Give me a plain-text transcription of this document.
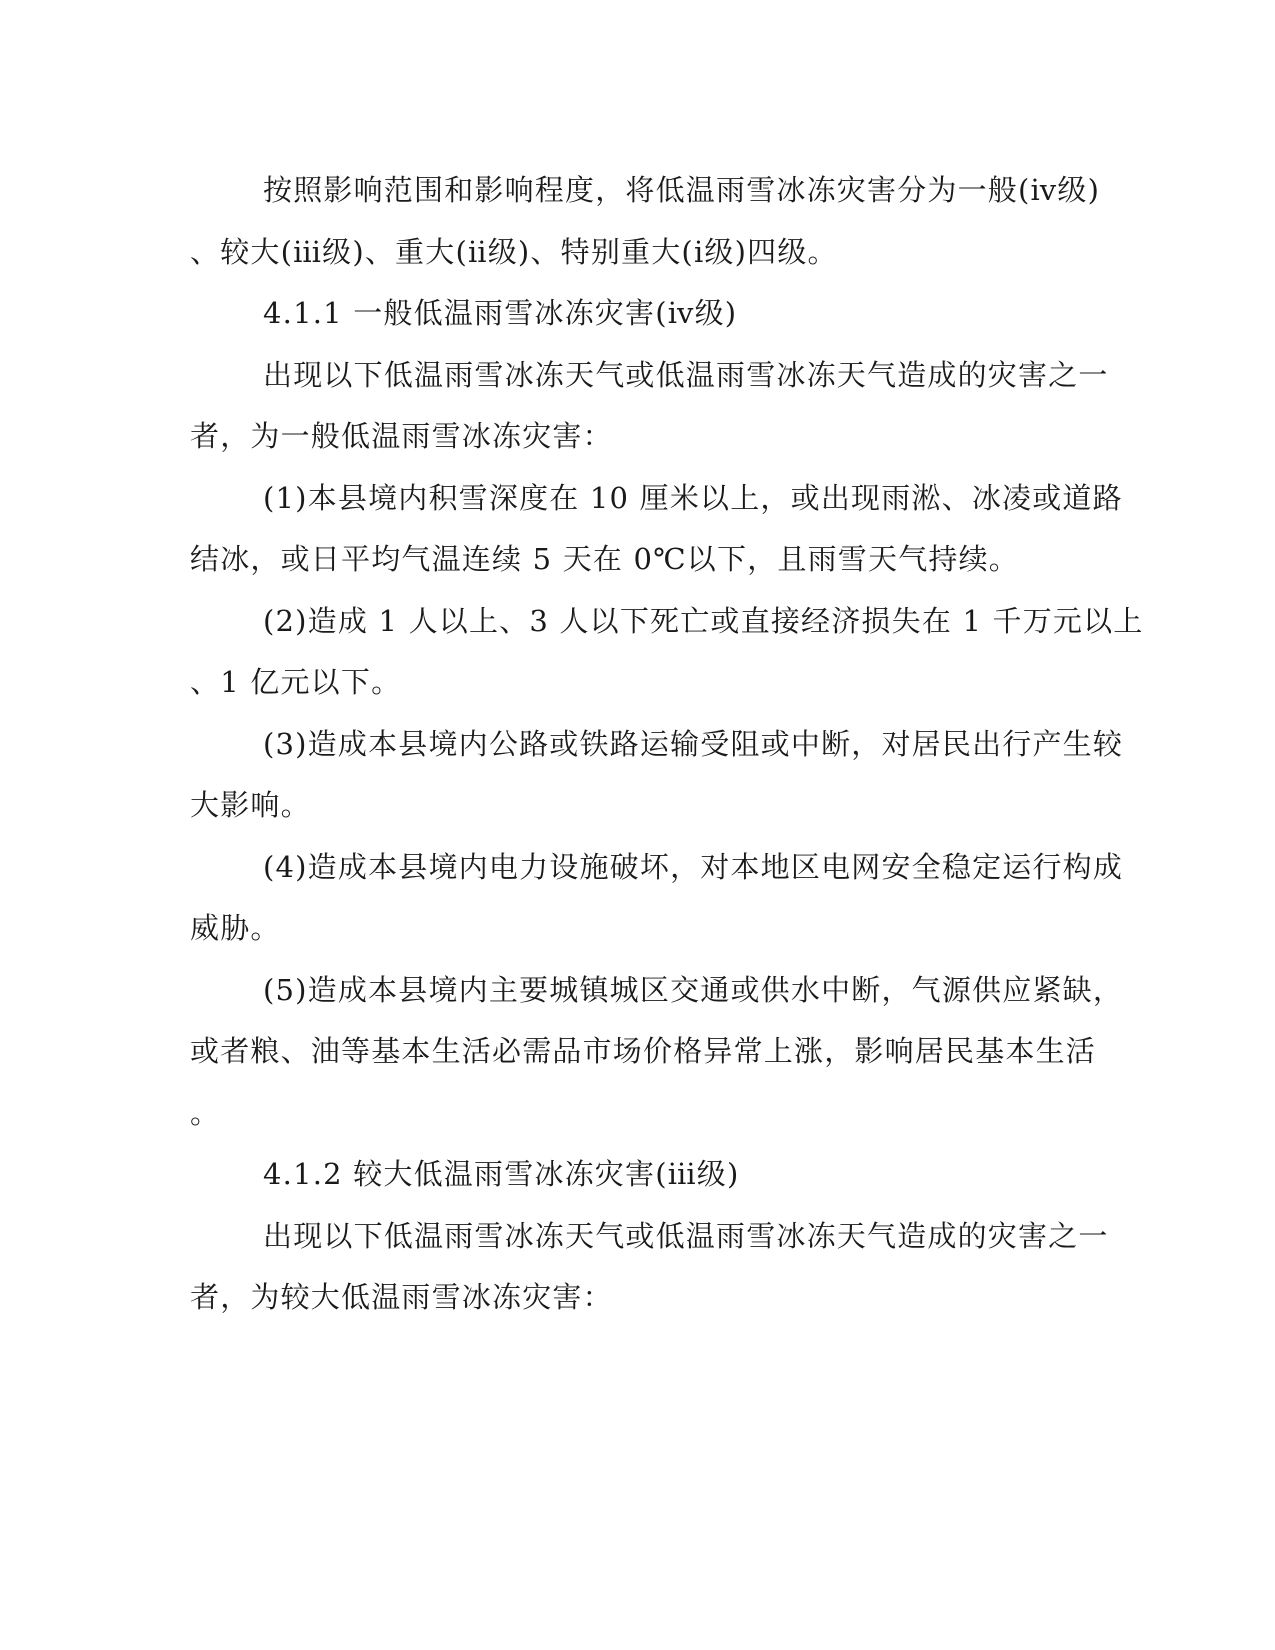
按照影响范围和影响程度，将低温雨雪冰冻灾害分为一般(ⅳ级)

、较大(ⅲ级)、重大(ⅱ级)、特别重大(ⅰ级)四级。

4.1.1 一般低温雨雪冰冻灾害(ⅳ级)

出现以下低温雨雪冰冻天气或低温雨雪冰冻天气造成的灾害之一

者，为一般低温雨雪冰冻灾害：

(1)本县境内积雪深度在 10 厘米以上，或出现雨淞、冰凌或道路

结冰，或日平均气温连续 5 天在 0℃以下，且雨雪天气持续。

(2)造成 1 人以上、3 人以下死亡或直接经济损失在 1 千万元以上

、1 亿元以下。

(3)造成本县境内公路或铁路运输受阻或中断，对居民出行产生较

大影响。

(4)造成本县境内电力设施破坏，对本地区电网安全稳定运行构成

威胁。

(5)造成本县境内主要城镇城区交通或供水中断，气源供应紧缺，

或者粮、油等基本生活必需品市场价格异常上涨，影响居民基本生活

。

4.1.2 较大低温雨雪冰冻灾害(ⅲ级)

出现以下低温雨雪冰冻天气或低温雨雪冰冻天气造成的灾害之一

者，为较大低温雨雪冰冻灾害：
